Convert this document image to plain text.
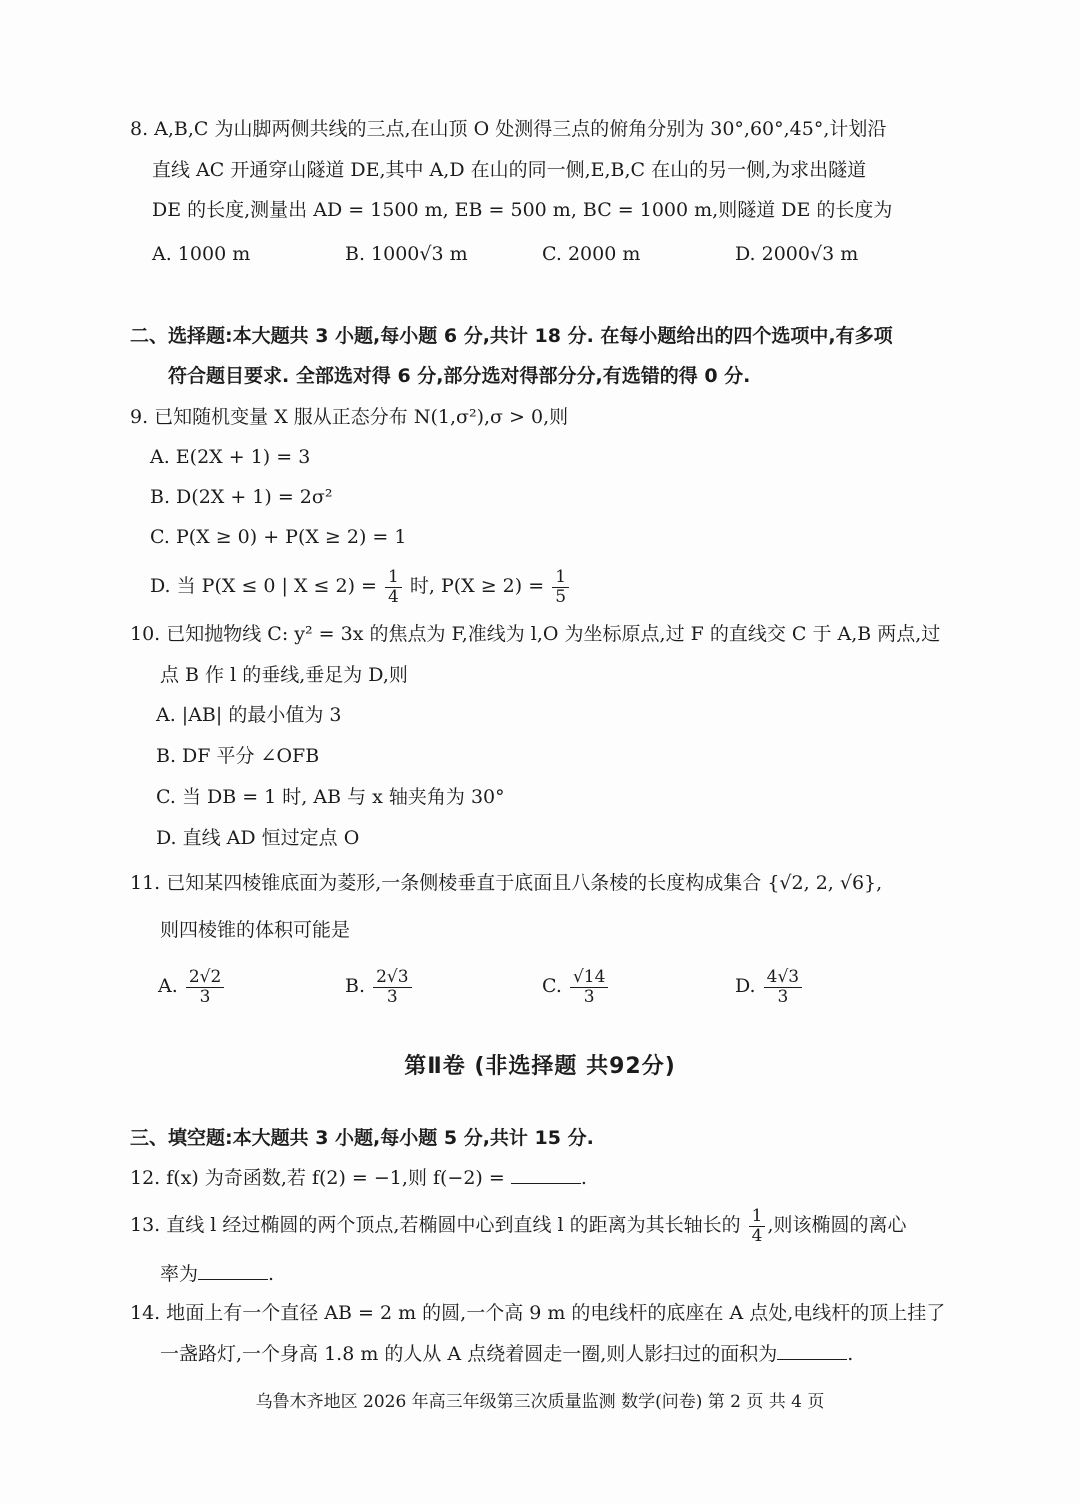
8. A,B,C 为山脚两侧共线的三点,在山顶 O 处测得三点的俯角分别为 30°,60°,45°,计划沿
直线 AC 开通穿山隧道 DE,其中 A,D 在山的同一侧,E,B,C 在山的另一侧,为求出隧道
DE 的长度,测量出 AD = 1500 m, EB = 500 m, BC = 1000 m,则隧道 DE 的长度为
A. 1000 m	B. 1000√3 m	C. 2000 m	D. 2000√3 m
二、选择题:本大题共 3 小题,每小题 6 分,共计 18 分. 在每小题给出的四个选项中,有多项
符合题目要求. 全部选对得 6 分,部分选对得部分分,有选错的得 0 分.
9. 已知随机变量 X 服从正态分布 N(1,σ²),σ > 0,则
A. E(2X + 1) = 3
B. D(2X + 1) = 2σ²
C. P(X ≥ 0) + P(X ≥ 2) = 1
D. 当 P(X ≤ 0 | $X \le 2) = \frac{1}{4}$ 时, $P(X \ge 2) = \frac{1}{5}$
10. 已知抛物线 C: y² = 3x 的焦点为 F,准线为 l,O 为坐标原点,过 F 的直线交 C 于 A,B 两点,过
点 B 作 l 的垂线,垂足为 D,则
A. |AB| 的最小值为 3
B. DF 平分 ∠OFB
C. 当 DB = 1 时, AB 与 x 轴夹角为 30°
D. 直线 AD 恒过定点 O
11. 已知某四棱锥底面为菱形,一条侧棱垂直于底面且八条棱的长度构成集合 {√2, 2, √6},
则四棱锥的体积可能是
A. $\frac{2√2}{3}$	B. $\frac{2√3}{3}$	C. $\frac{√14}{3}$	D. $\frac{4√3}{3}$
第Ⅱ卷 (非选择题 共92分)
三、填空题:本大题共 3 小题,每小题 5 分,共计 15 分.
12. f(x) 为奇函数,若 f(2) = −1,则 f(−2) =	.
13. 直线 l 经过椭圆的两个顶点,若椭圆中心到直线 l 的距离为其长轴长的 $\frac{1}{4}$ ,则该椭圆的离心
率为	.
14. 地面上有一个直径 AB = 2 m 的圆,一个高 9 m 的电线杆的底座在 A 点处,电线杆的顶上挂了
一盏路灯,一个身高 1.8 m 的人从 A 点绕着圆走一圈,则人影扫过的面积为	.
乌鲁木齐地区 2026 年高三年级第三次质量监测 数学(问卷) 第 2 页 共 4 页
